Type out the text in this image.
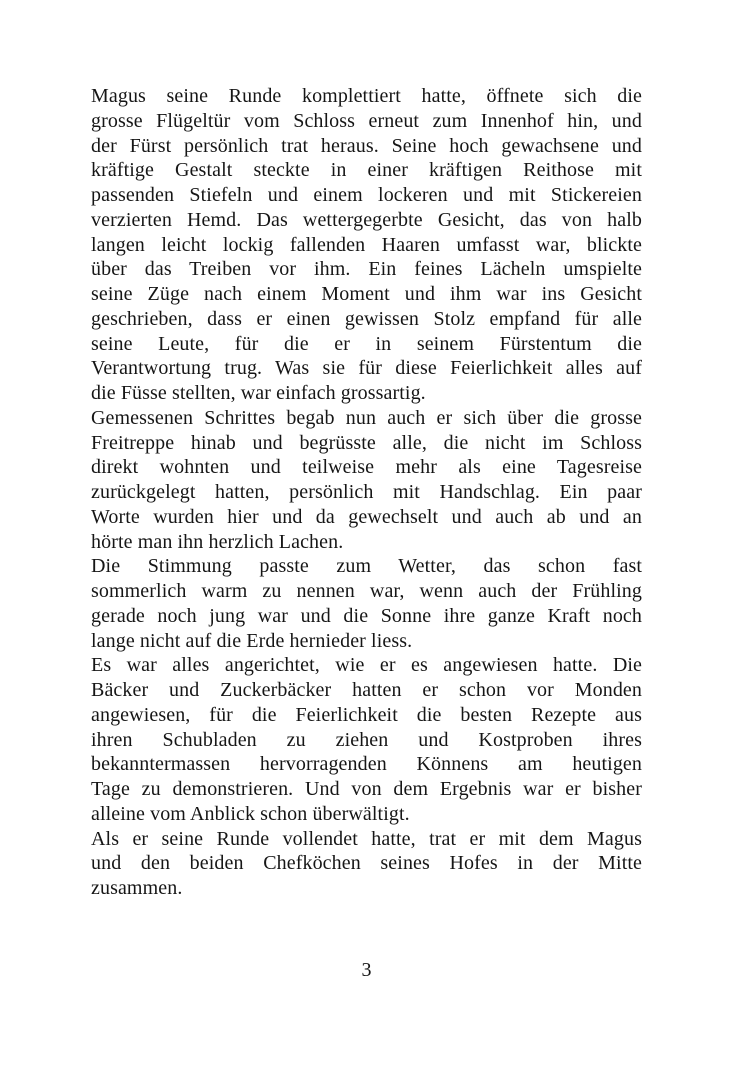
Magus seine Runde komplettiert hatte, öffnete sich die
grosse Flügeltür vom Schloss erneut zum Innenhof hin, und
der Fürst persönlich trat heraus. Seine hoch gewachsene und
kräftige Gestalt steckte in einer kräftigen Reithose mit
passenden Stiefeln und einem lockeren und mit Stickereien
verzierten Hemd. Das wettergegerbte Gesicht, das von halb
langen leicht lockig fallenden Haaren umfasst war, blickte
über das Treiben vor ihm. Ein feines Lächeln umspielte
seine Züge nach einem Moment und ihm war ins Gesicht
geschrieben, dass er einen gewissen Stolz empfand für alle
seine Leute, für die er in seinem Fürstentum die
Verantwortung trug. Was sie für diese Feierlichkeit alles auf
die Füsse stellten, war einfach grossartig.
Gemessenen Schrittes begab nun auch er sich über die grosse
Freitreppe hinab und begrüsste alle, die nicht im Schloss
direkt wohnten und teilweise mehr als eine Tagesreise
zurückgelegt hatten, persönlich mit Handschlag. Ein paar
Worte wurden hier und da gewechselt und auch ab und an
hörte man ihn herzlich Lachen.
Die Stimmung passte zum Wetter, das schon fast
sommerlich warm zu nennen war, wenn auch der Frühling
gerade noch jung war und die Sonne ihre ganze Kraft noch
lange nicht auf die Erde hernieder liess.
Es war alles angerichtet, wie er es angewiesen hatte. Die
Bäcker und Zuckerbäcker hatten er schon vor Monden
angewiesen, für die Feierlichkeit die besten Rezepte aus
ihren Schubladen zu ziehen und Kostproben ihres
bekanntermassen hervorragenden Könnens am heutigen
Tage zu demonstrieren. Und von dem Ergebnis war er bisher
alleine vom Anblick schon überwältigt.
Als er seine Runde vollendet hatte, trat er mit dem Magus
und den beiden Chefköchen seines Hofes in der Mitte
zusammen.
3
